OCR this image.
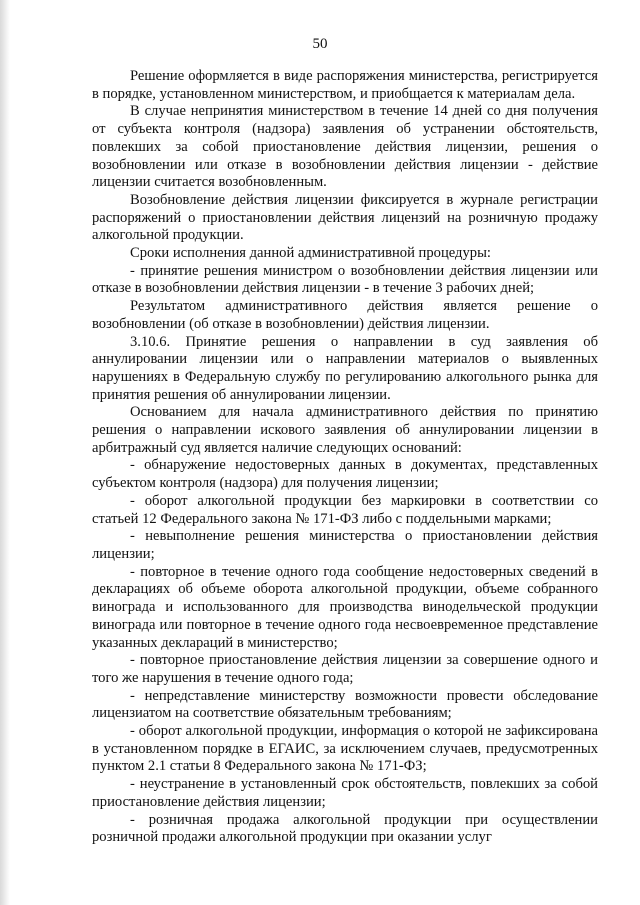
50

Решение оформляется в виде распоряжения министерства, регистрируется в порядке, установленном министерством, и приобщается к материалам дела.

В случае непринятия министерством в течение 14 дней со дня получения от субъекта контроля (надзора) заявления об устранении обстоятельств, повлекших за собой приостановление действия лицензии, решения о возобновлении или отказе в возобновлении действия лицензии - действие лицензии считается возобновленным.

Возобновление действия лицензии фиксируется в журнале регистрации распоряжений о приостановлении действия лицензий на розничную продажу алкогольной продукции.

Сроки исполнения данной административной процедуры:

- принятие решения министром о возобновлении действия лицензии или отказе в возобновлении действия лицензии - в течение 3 рабочих дней;

Результатом административного действия является решение о возобновлении (об отказе в возобновлении) действия лицензии.

3.10.6. Принятие решения о направлении в суд заявления об аннулировании лицензии или о направлении материалов о выявленных нарушениях в Федеральную службу по регулированию алкогольного рынка для принятия решения об аннулировании лицензии.

Основанием для начала административного действия по принятию решения о направлении искового заявления об аннулировании лицензии в арбитражный суд является наличие следующих оснований:

- обнаружение недостоверных данных в документах, представленных субъектом контроля (надзора) для получения лицензии;

- оборот алкогольной продукции без маркировки в соответствии со статьей 12 Федерального закона № 171-ФЗ либо с поддельными марками;

- невыполнение решения министерства о приостановлении действия лицензии;

- повторное в течение одного года сообщение недостоверных сведений в декларациях об объеме оборота алкогольной продукции, объеме собранного винограда и использованного для производства винодельческой продукции винограда или повторное в течение одного года несвоевременное представление указанных деклараций в министерство;

- повторное приостановление действия лицензии за совершение одного и того же нарушения в течение одного года;

- непредставление министерству возможности провести обследование лицензиатом на соответствие обязательным требованиям;

- оборот алкогольной продукции, информация о которой не зафиксирована в установленном порядке в ЕГАИС, за исключением случаев, предусмотренных пунктом 2.1 статьи 8 Федерального закона № 171-ФЗ;

- неустранение в установленный срок обстоятельств, повлекших за собой приостановление действия лицензии;

- розничная продажа алкогольной продукции при осуществлении розничной продажи алкогольной продукции при оказании услуг
